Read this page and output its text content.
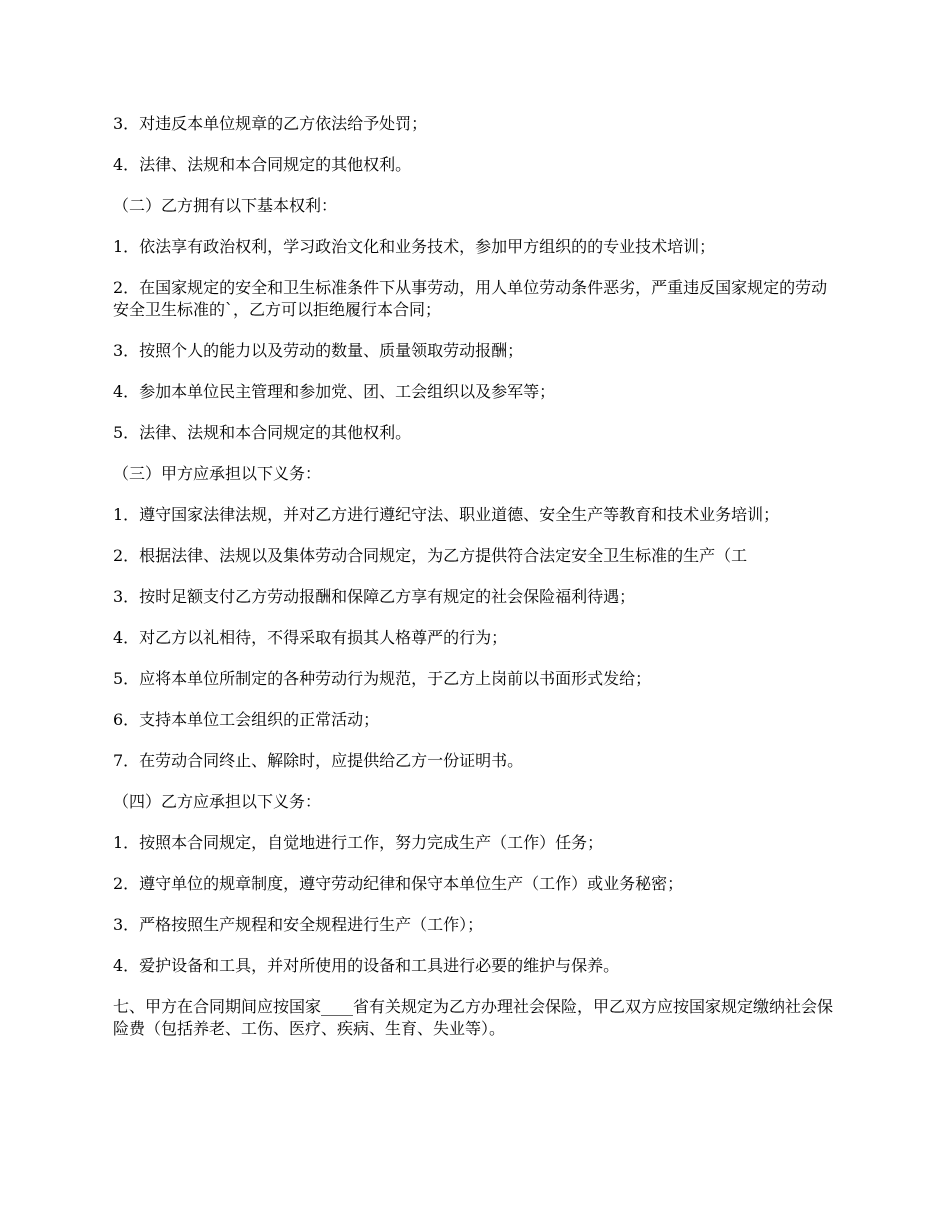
3．对违反本单位规章的乙方依法给予处罚；

4．法律、法规和本合同规定的其他权利。

（二）乙方拥有以下基本权利：

1．依法享有政治权利，学习政治文化和业务技术，参加甲方组织的的专业技术培训；

2．在国家规定的安全和卫生标准条件下从事劳动，用人单位劳动条件恶劣，严重违反国家规定的劳动安全卫生标准的`，乙方可以拒绝履行本合同；

3．按照个人的能力以及劳动的数量、质量领取劳动报酬；

4．参加本单位民主管理和参加党、团、工会组织以及参军等；

5．法律、法规和本合同规定的其他权利。

（三）甲方应承担以下义务：

1．遵守国家法律法规，并对乙方进行遵纪守法、职业道德、安全生产等教育和技术业务培训；

2．根据法律、法规以及集体劳动合同规定，为乙方提供符合法定安全卫生标准的生产（工

3．按时足额支付乙方劳动报酬和保障乙方享有规定的社会保险福利待遇；

4．对乙方以礼相待，不得采取有损其人格尊严的行为；

5．应将本单位所制定的各种劳动行为规范，于乙方上岗前以书面形式发给；

6．支持本单位工会组织的正常活动；

7．在劳动合同终止、解除时，应提供给乙方一份证明书。

（四）乙方应承担以下义务：

1．按照本合同规定，自觉地进行工作，努力完成生产（工作）任务；

2．遵守单位的规章制度，遵守劳动纪律和保守本单位生产（工作）或业务秘密；

3．严格按照生产规程和安全规程进行生产（工作）；

4．爱护设备和工具，并对所使用的设备和工具进行必要的维护与保养。

七、甲方在合同期间应按国家____省有关规定为乙方办理社会保险，甲乙双方应按国家规定缴纳社会保险费（包括养老、工伤、医疗、疾病、生育、失业等）。
